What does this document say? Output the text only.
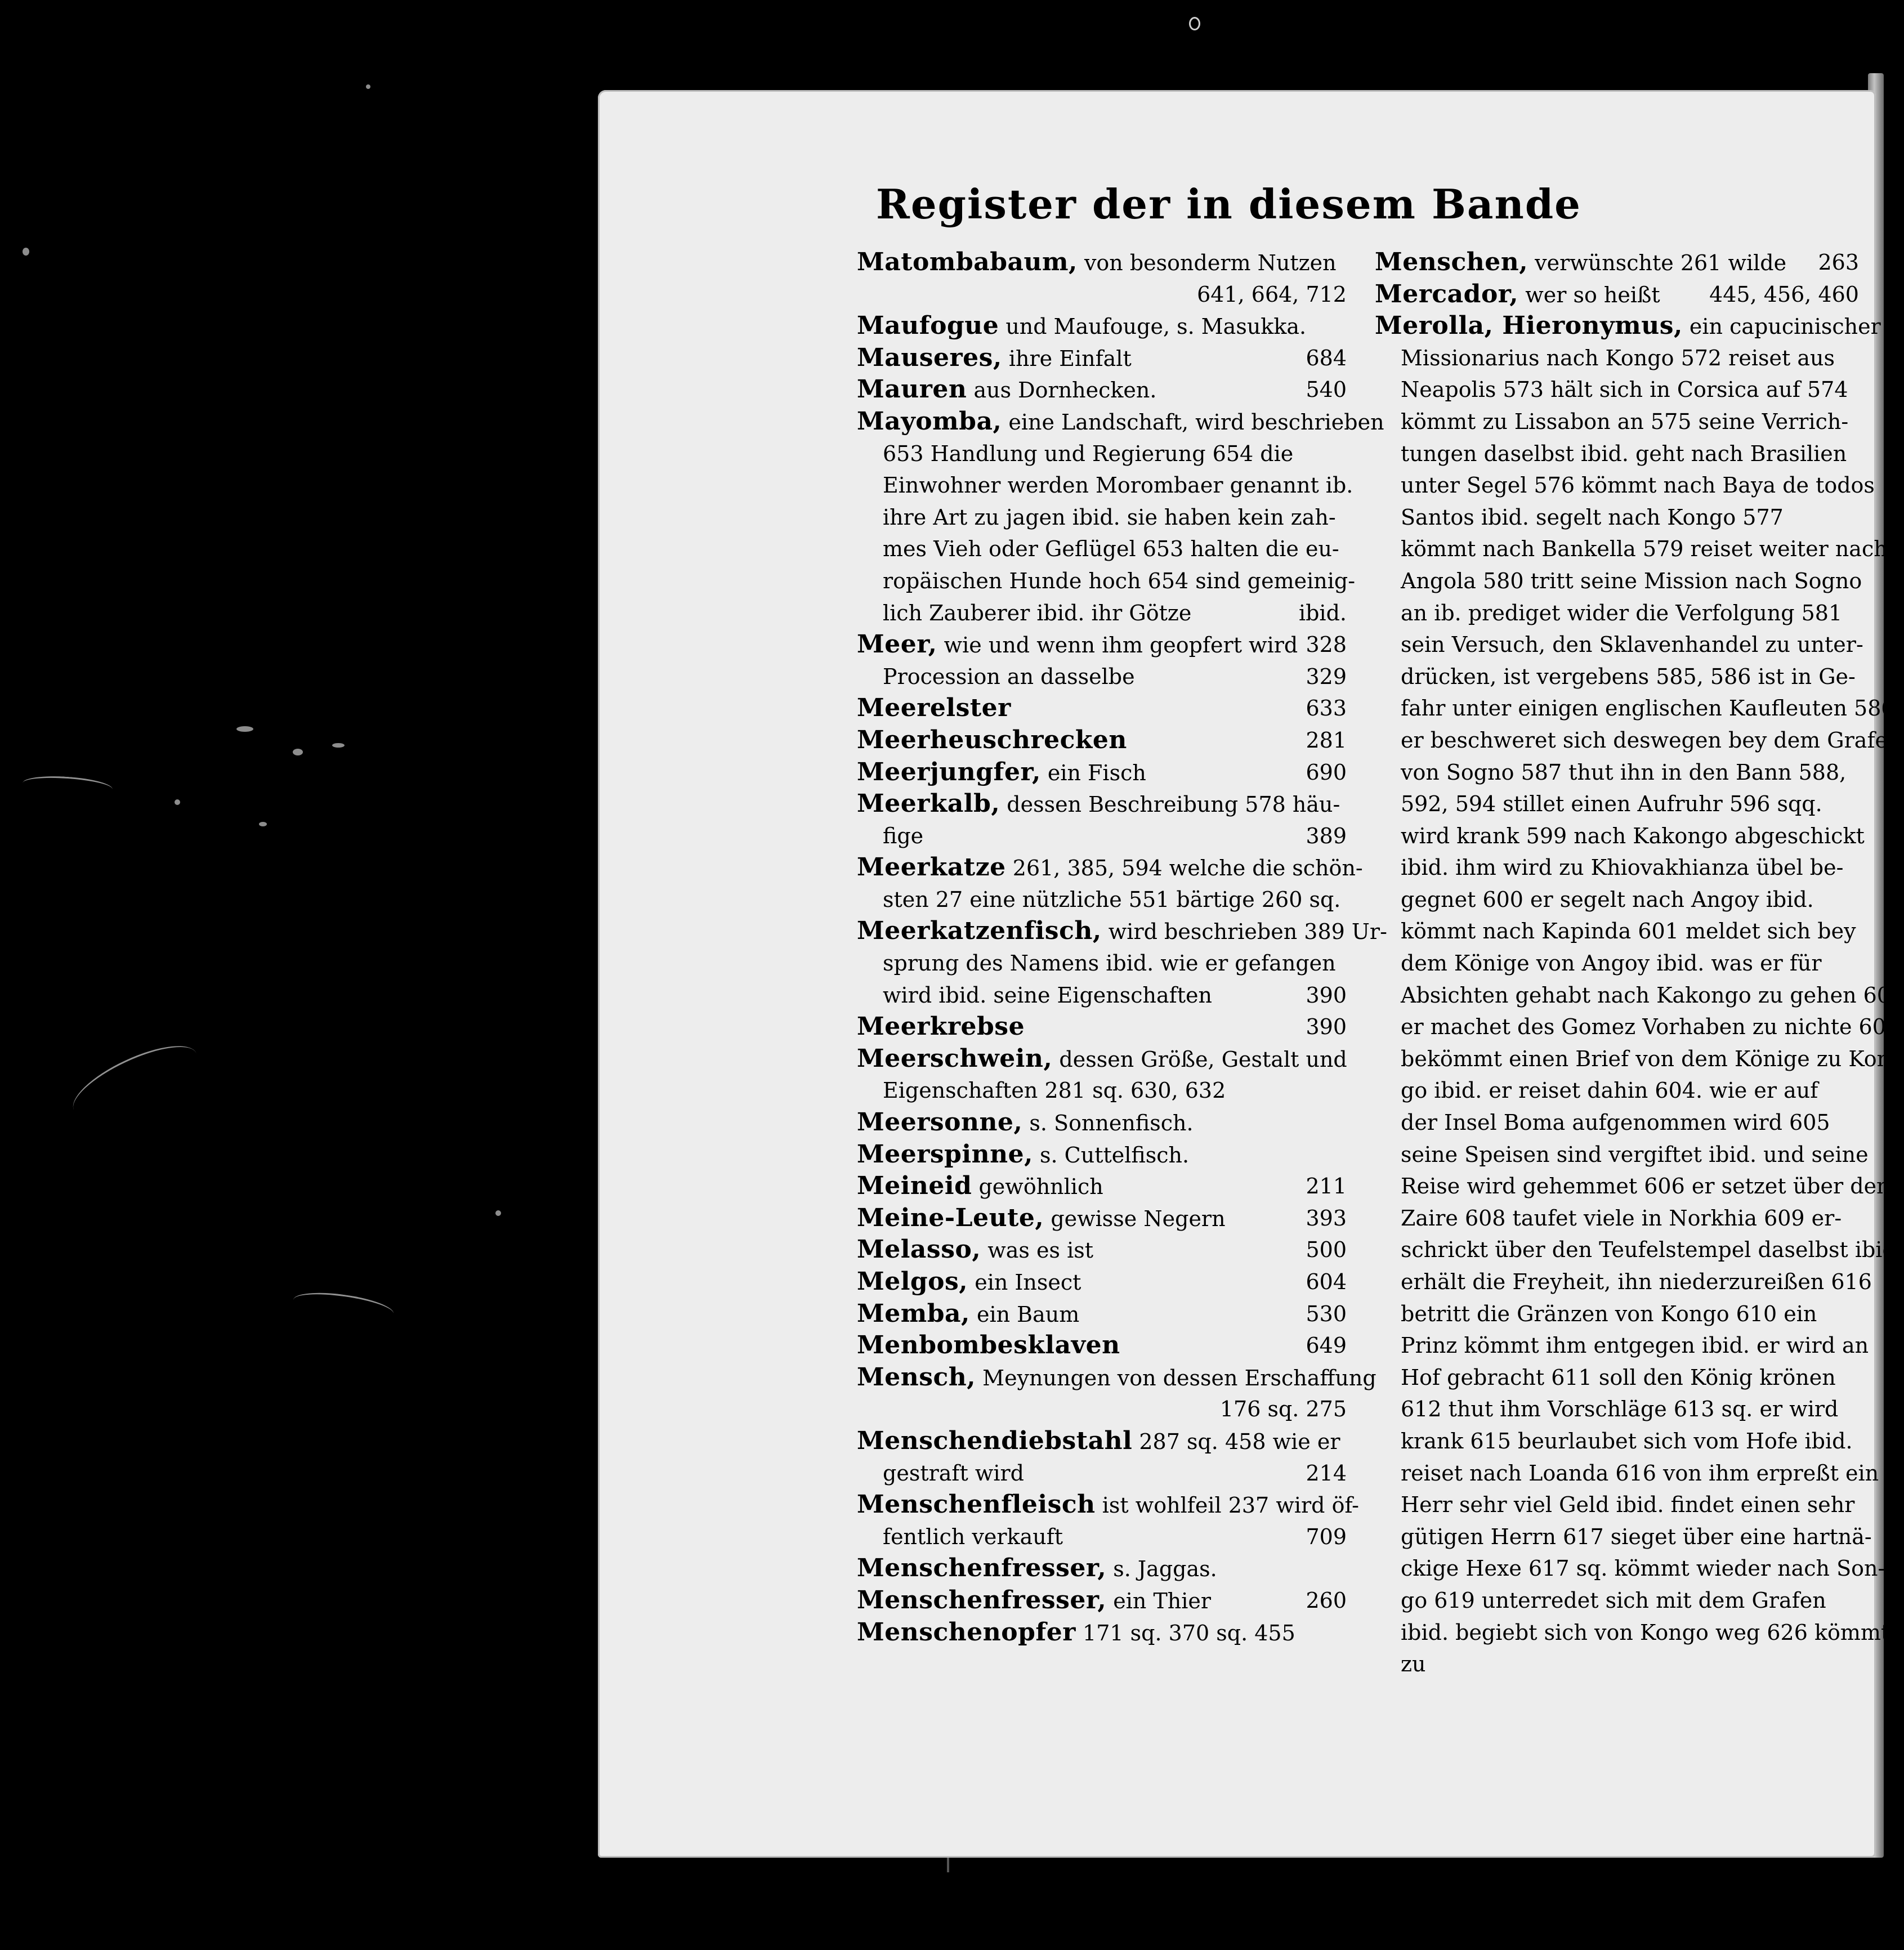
Register der in diesem Bande
Matombabaum, von besonderm Nutzen
641, 664, 712
Maufogue und Maufouge, s. Masukka.
Mauseres, ihre Einfalt	684
Mauren aus Dornhecken.	540
Mayomba, eine Landschaft, wird beschrieben
653 Handlung und Regierung 654 die
Einwohner werden Morombaer genannt ib.
ihre Art zu jagen ibid. sie haben kein zah-
mes Vieh oder Geflügel 653 halten die eu-
ropäischen Hunde hoch 654 sind gemeinig-
lich Zauberer ibid. ihr Götze	ibid.
Meer, wie und wenn ihm geopfert wird 328
Procession an dasselbe	329
Meerelster	633
Meerheuschrecken	281
Meerjungfer, ein Fisch	690
Meerkalb, dessen Beschreibung 578 häu-
fige	389
Meerkatze 261, 385, 594 welche die schön-
sten 27 eine nützliche 551 bärtige 260 sq.
Meerkatzenfisch, wird beschrieben 389 Ur-
sprung des Namens ibid. wie er gefangen
wird ibid. seine Eigenschaften	390
Meerkrebse	390
Meerschwein, dessen Größe, Gestalt und
Eigenschaften 281 sq. 630, 632
Meersonne, s. Sonnenfisch.
Meerspinne, s. Cuttelfisch.
Meineid gewöhnlich	211
Meine-Leute, gewisse Negern	393
Melasso, was es ist	500
Melgos, ein Insect	604
Memba, ein Baum	530
Menbombesklaven	649
Mensch, Meynungen von dessen Erschaffung
176 sq. 275
Menschendiebstahl 287 sq. 458 wie er
gestraft wird	214
Menschenfleisch ist wohlfeil 237 wird öf-
fentlich verkauft	709
Menschenfresser, s. Jaggas.
Menschenfresser, ein Thier	260
Menschenopfer 171 sq. 370 sq. 455
Menschen, verwünschte 261 wilde 263
Mercador, wer so heißt 445, 456, 460
Merolla, Hieronymus, ein capucinischer
Missionarius nach Kongo 572 reiset aus
Neapolis 573 hält sich in Corsica auf 574
kömmt zu Lissabon an 575 seine Verrich-
tungen daselbst ibid. geht nach Brasilien
unter Segel 576 kömmt nach Baya de todos
Santos ibid. segelt nach Kongo 577
kömmt nach Bankella 579 reiset weiter nach
Angola 580 tritt seine Mission nach Sogno
an ib. prediget wider die Verfolgung 581
sein Versuch, den Sklavenhandel zu unter-
drücken, ist vergebens 585, 586 ist in Ge-
fahr unter einigen englischen Kaufleuten 586
er beschweret sich deswegen bey dem Grafen
von Sogno 587 thut ihn in den Bann 588,
592, 594 stillet einen Aufruhr 596 sqq.
wird krank 599 nach Kakongo abgeschickt
ibid. ihm wird zu Khiovakhianza übel be-
gegnet 600 er segelt nach Angoy ibid.
kömmt nach Kapinda 601 meldet sich bey
dem Könige von Angoy ibid. was er für
Absichten gehabt nach Kakongo zu gehen 602
er machet des Gomez Vorhaben zu nichte 603
bekömmt einen Brief von dem Könige zu Kon-
go ibid. er reiset dahin 604. wie er auf
der Insel Boma aufgenommen wird 605
seine Speisen sind vergiftet ibid. und seine
Reise wird gehemmet 606 er setzet über den
Zaire 608 taufet viele in Norkhia 609 er-
schrickt über den Teufelstempel daselbst ibid.
erhält die Freyheit, ihn niederzureißen 616
betritt die Gränzen von Kongo 610 ein
Prinz kömmt ihm entgegen ibid. er wird an
Hof gebracht 611 soll den König krönen
612 thut ihm Vorschläge 613 sq. er wird
krank 615 beurlaubet sich vom Hofe ibid.
reiset nach Loanda 616 von ihm erpreßt ein
Herr sehr viel Geld ibid. findet einen sehr
gütigen Herrn 617 sieget über eine hartnä-
ckige Hexe 617 sq. kömmt wieder nach Son-
go 619 unterredet sich mit dem Grafen
ibid. begiebt sich von Kongo weg 626 kömmt
zu
